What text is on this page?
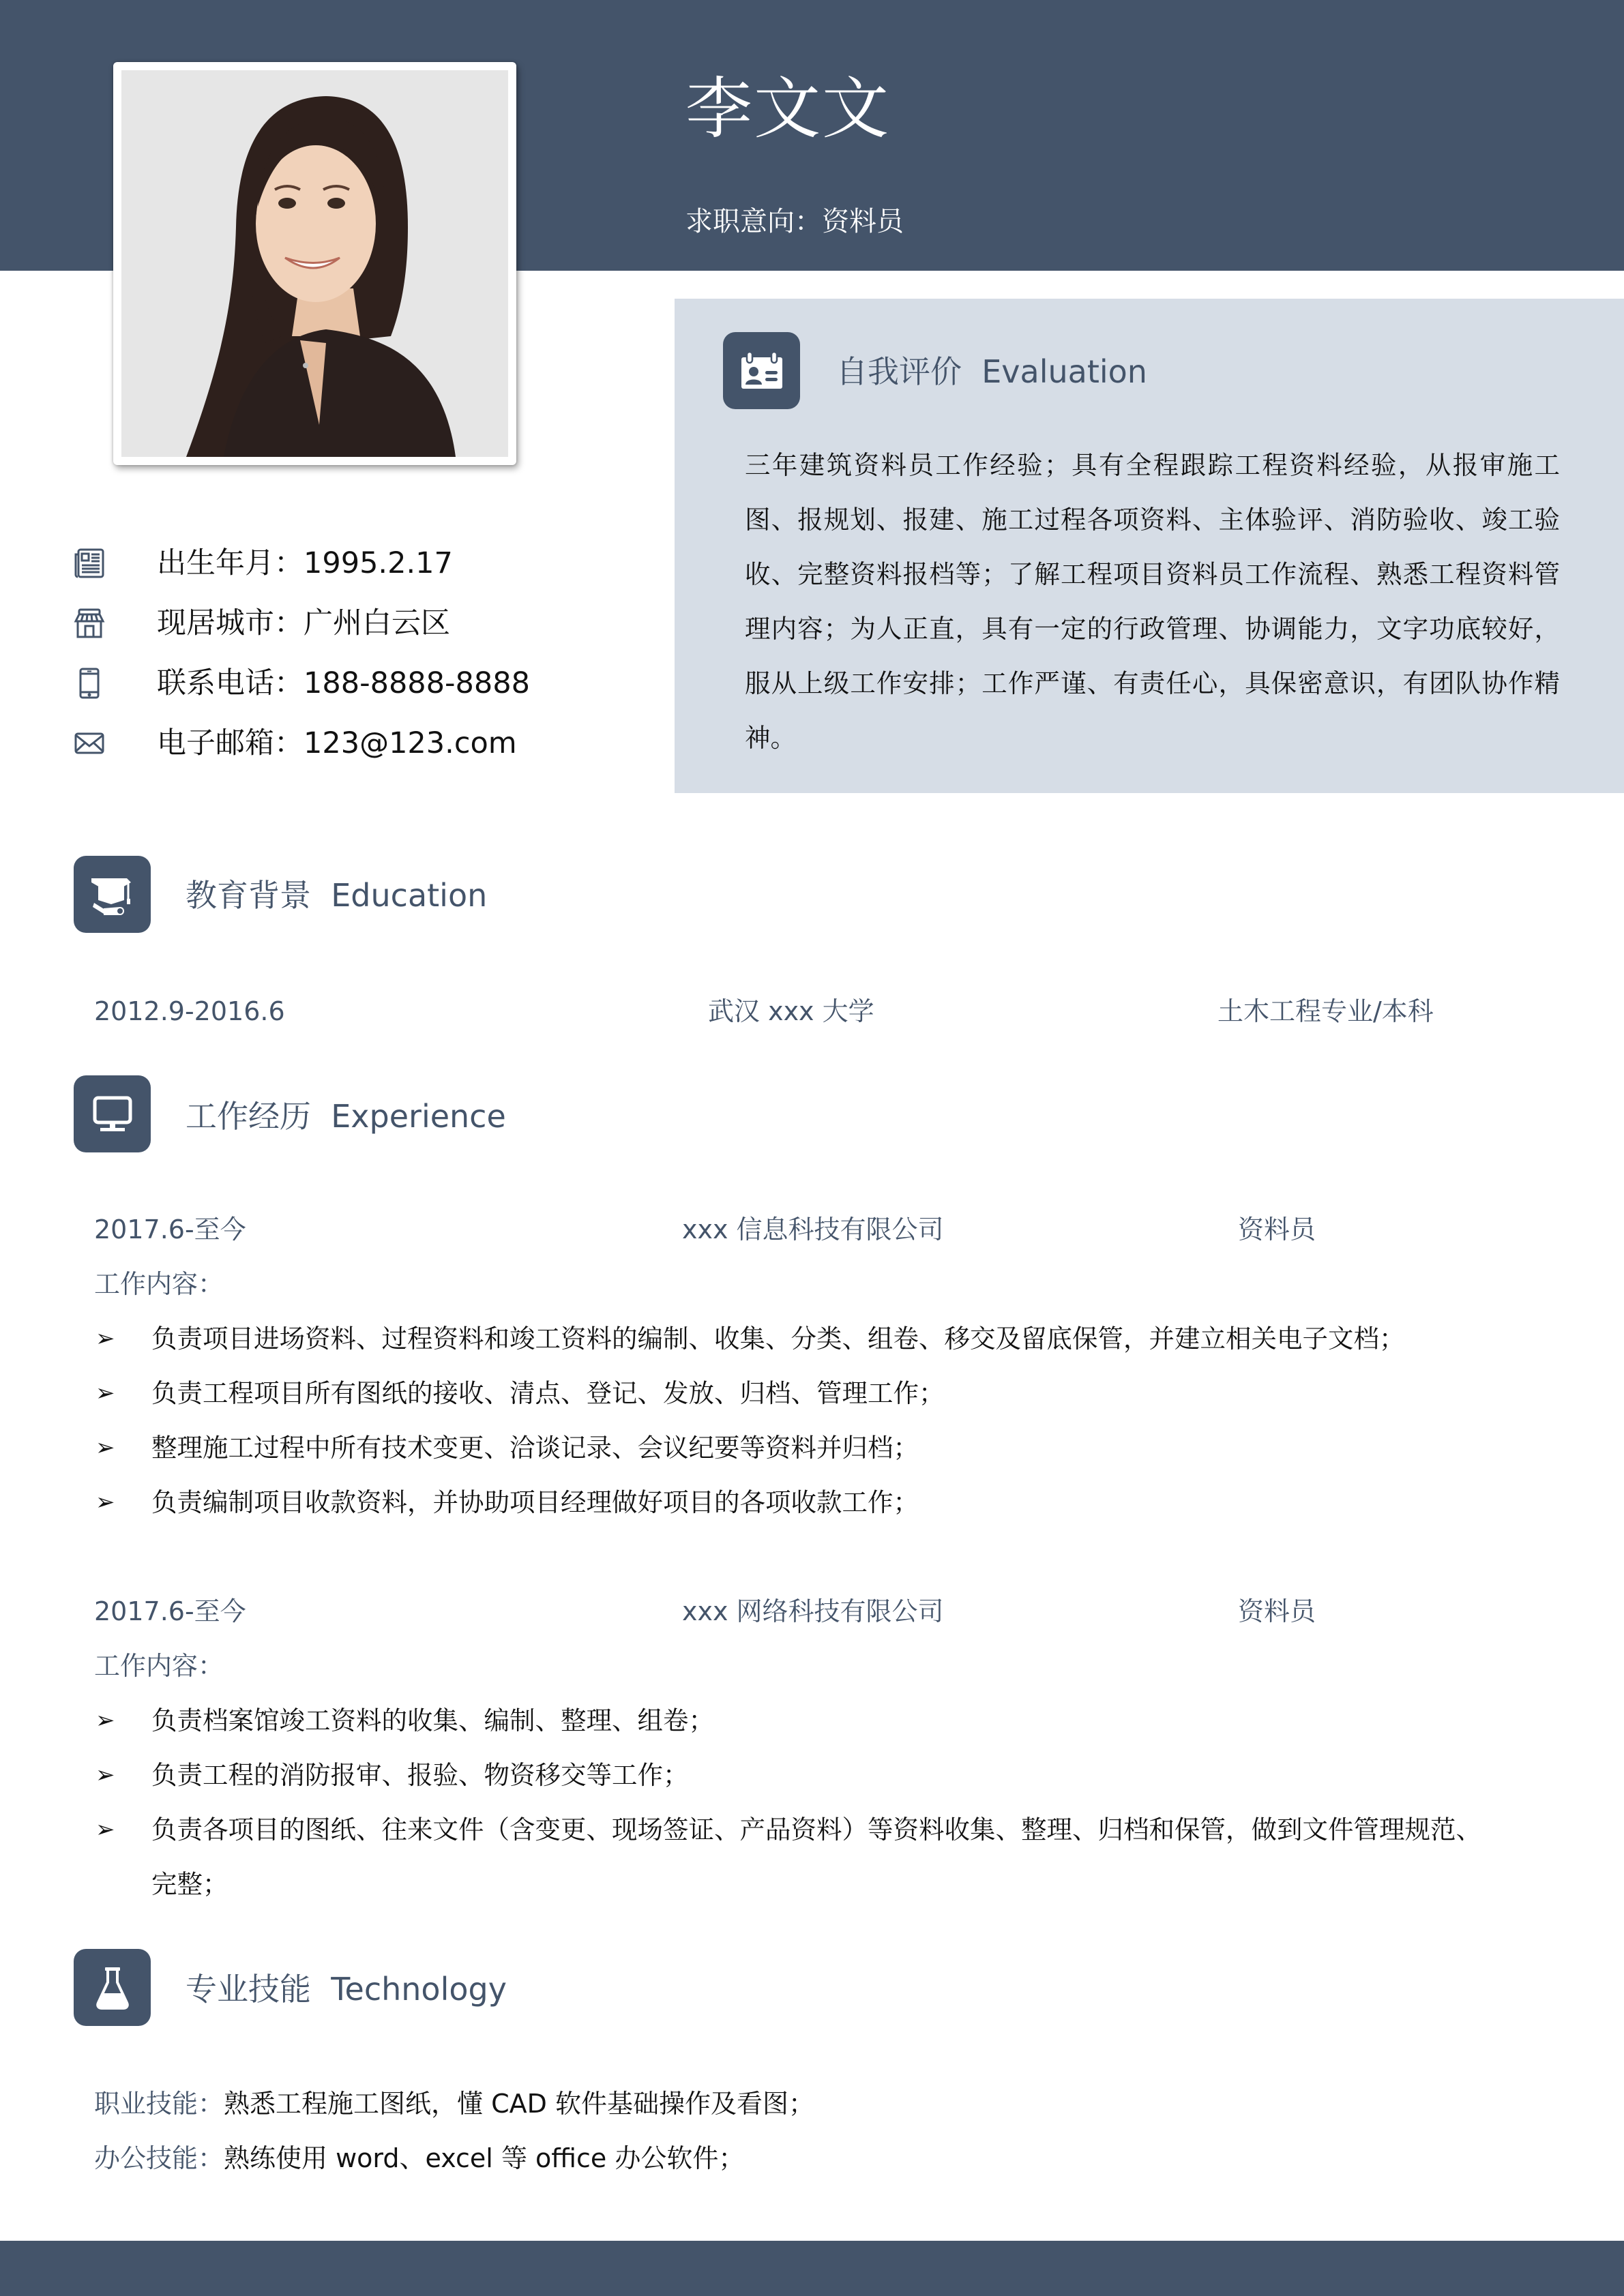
李文文
求职意向：资料员
出生年月：1995.2.17
现居城市：广州白云区
联系电话：188-8888-8888
电子邮箱：123@123.com
自我评价  Evaluation
三年建筑资料员工作经验；具有全程跟踪工程资料经验，从报审施工图、报规划、报建、施工过程各项资料、主体验评、消防验收、竣工验收、完整资料报档等；了解工程项目资料员工作流程、熟悉工程资料管理内容；为人正直，具有一定的行政管理、协调能力，文字功底较好，服从上级工作安排；工作严谨、有责任心，具保密意识，有团队协作精神。
教育背景  Education
2012.9-2016.6	武汉 xxx 大学	土木工程专业/本科
工作经历  Experience
2017.6-至今	xxx 信息科技有限公司	资料员
工作内容：
➢ 负责项目进场资料、过程资料和竣工资料的编制、收集、分类、组卷、移交及留底保管，并建立相关电子文档；
➢ 负责工程项目所有图纸的接收、清点、登记、发放、归档、管理工作；
➢ 整理施工过程中所有技术变更、洽谈记录、会议纪要等资料并归档；
➢ 负责编制项目收款资料，并协助项目经理做好项目的各项收款工作；
2017.6-至今	xxx 网络科技有限公司	资料员
工作内容：
➢ 负责档案馆竣工资料的收集、编制、整理、组卷；
➢ 负责工程的消防报审、报验、物资移交等工作；
➢ 负责各项目的图纸、往来文件（含变更、现场签证、产品资料）等资料收集、整理、归档和保管，做到文件管理规范、
完整；
专业技能  Technology
职业技能：熟悉工程施工图纸，懂 CAD 软件基础操作及看图；
办公技能：熟练使用 word、excel 等 office 办公软件；
